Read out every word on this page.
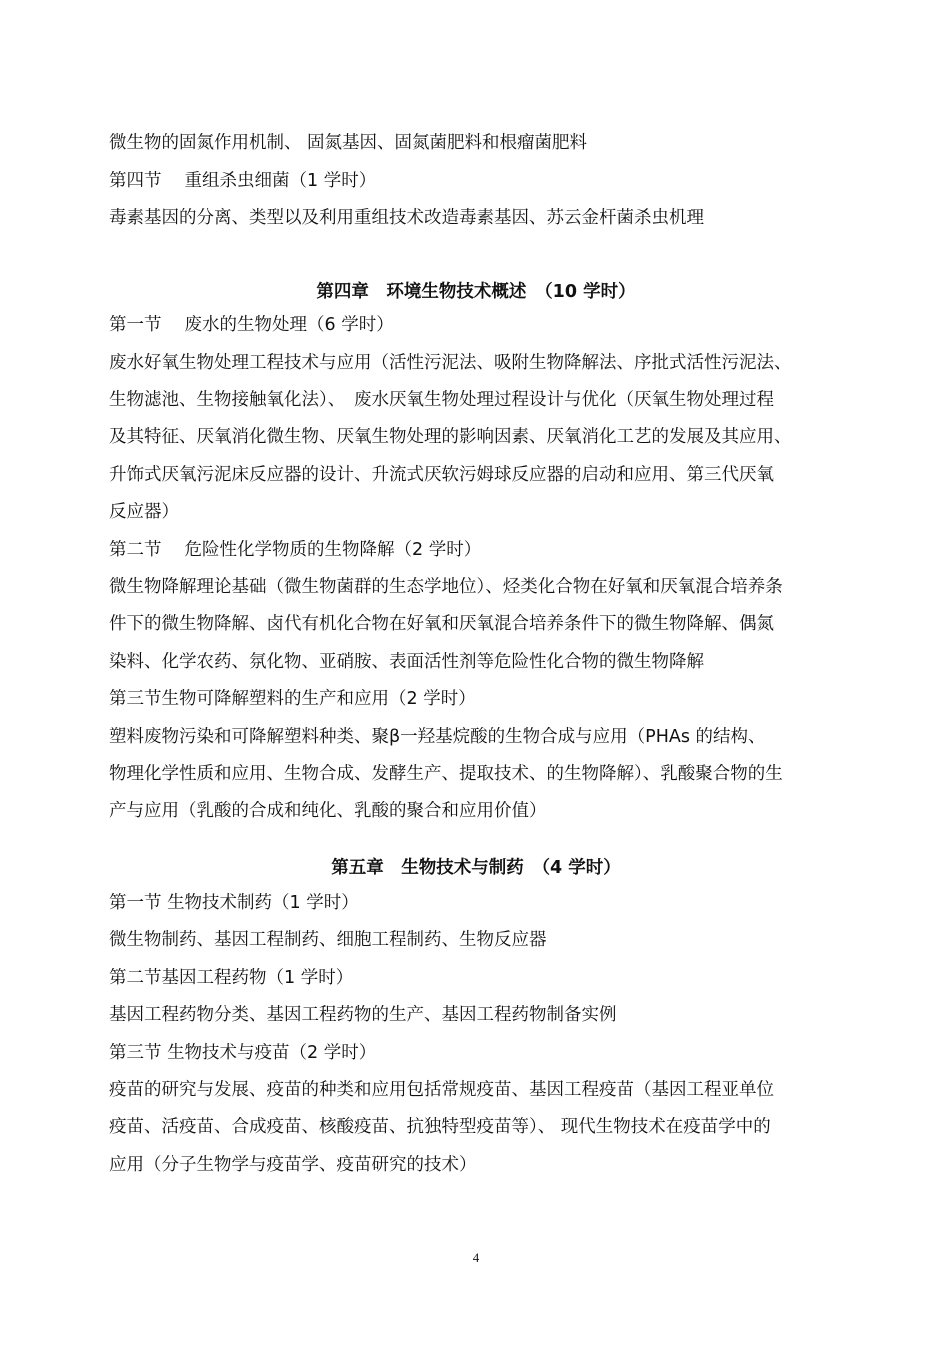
微生物的固氮作用机制、 固氮基因、固氮菌肥料和根瘤菌肥料
第四节　 重组杀虫细菌（1 学时）
毒素基因的分离、类型以及利用重组技术改造毒素基因、苏云金杆菌杀虫机理
第四章　环境生物技术概述　（10 学时）
第一节　 废水的生物处理（6 学时）
废水好氧生物处理工程技术与应用（活性污泥法、吸附生物降解法、序批式活性污泥法、
生物滤池、生物接触氧化法）、　废水厌氧生物处理过程设计与优化（厌氧生物处理过程
及其特征、厌氧消化微生物、厌氧生物处理的影响因素、厌氧消化工艺的发展及其应用、
升饰式厌氧污泥床反应器的设计、升流式厌软污姆球反应器的启动和应用、第三代厌氧
反应器）
第二节　 危险性化学物质的生物降解（2 学时）
微生物降解理论基础（微生物菌群的生态学地位）、烃类化合物在好氧和厌氧混合培养条
件下的微生物降解、卤代有机化合物在好氧和厌氧混合培养条件下的微生物降解、偶氮
染料、化学农药、氛化物、亚硝胺、表面活性剂等危险性化合物的微生物降解
第三节生物可降解塑料的生产和应用（2 学时）
塑料废物污染和可降解塑料种类、聚β一羟基烷酸的生物合成与应用（PHAs 的结构、
物理化学性质和应用、生物合成、发酵生产、提取技术、的生物降解）、乳酸聚合物的生
产与应用（乳酸的合成和纯化、乳酸的聚合和应用价值）
第五章　生物技术与制药　（4 学时）
第一节 生物技术制药（1 学时）
微生物制药、基因工程制药、细胞工程制药、生物反应器
第二节基因工程药物（1 学时）
基因工程药物分类、基因工程药物的生产、基因工程药物制备实例
第三节 生物技术与疫苗（2 学时）
疫苗的研究与发展、疫苗的种类和应用包括常规疫苗、基因工程疫苗（基因工程亚单位
疫苗、活疫苗、合成疫苗、核酸疫苗、抗独特型疫苗等）、 现代生物技术在疫苗学中的
应用（分子生物学与疫苗学、疫苗研究的技术）
4
